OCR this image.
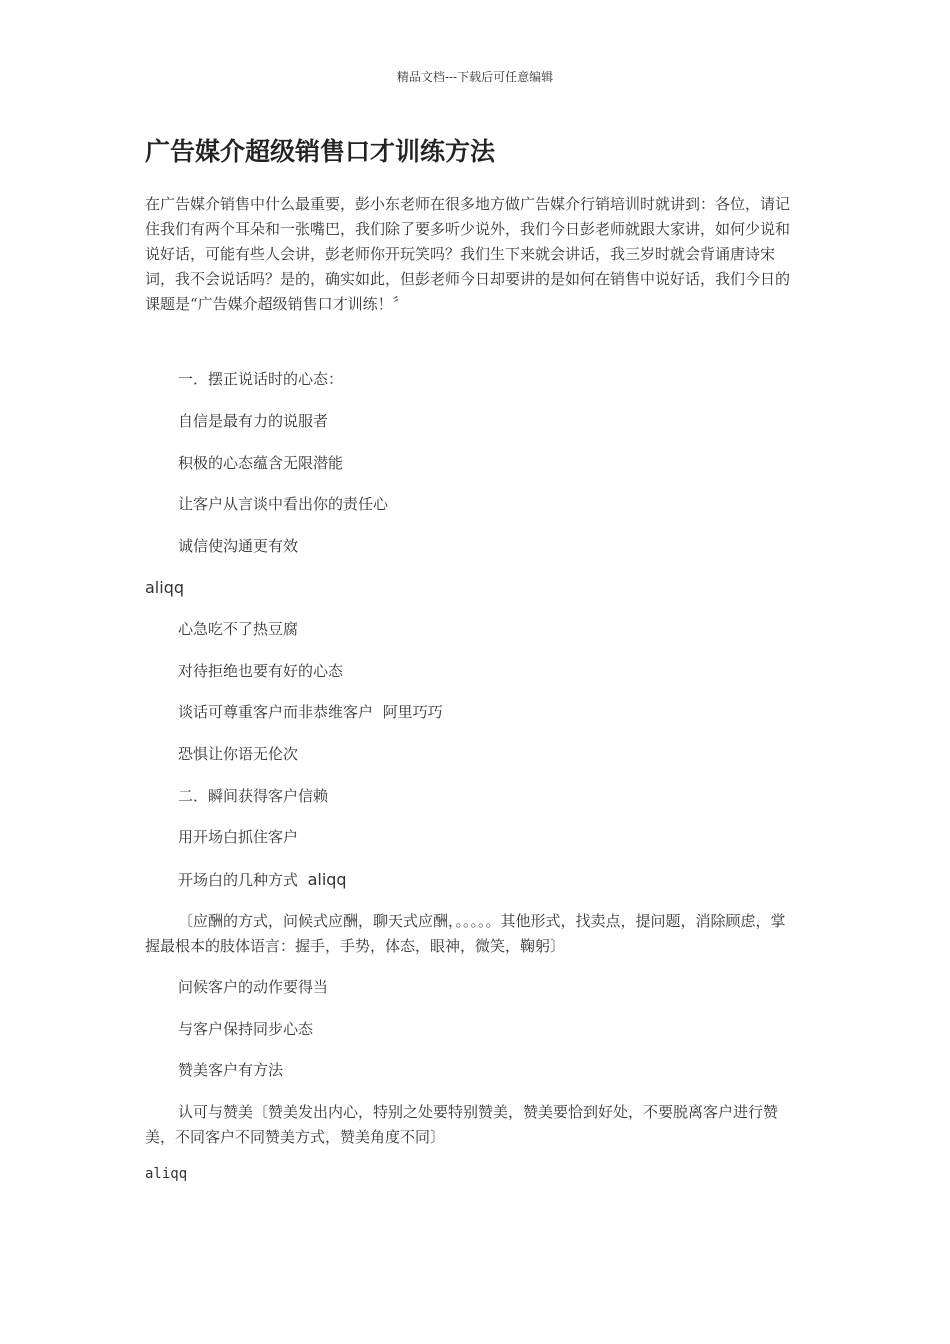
精品文档---下载后可任意编辑
广告媒介超级销售口才训练方法

在广告媒介销售中什么最重要，彭小东老师在很多地方做广告媒介行销培训时就讲到：各位，请记住我们有两个耳朵和一张嘴巴，我们除了要多听少说外，我们今日彭老师就跟大家讲，如何少说和说好话，可能有些人会讲，彭老师你开玩笑吗？我们生下来就会讲话，我三岁时就会背诵唐诗宋词，我不会说话吗？是的，确实如此，但彭老师今日却要讲的是如何在销售中说好话，我们今日的课题是“广告媒介超级销售口才训练！〞

一．摆正说话时的心态：

自信是最有力的说服者

积极的心态蕴含无限潜能

让客户从言谈中看出你的责任心

诚信使沟通更有效

aliqq

心急吃不了热豆腐

对待拒绝也要有好的心态

谈话可尊重客户而非恭维客户 阿里巧巧

恐惧让你语无伦次

二．瞬间获得客户信赖

用开场白抓住客户

开场白的几种方式 aliqq

〔应酬的方式，问候式应酬，聊天式应酬，。。。。。其他形式，找卖点，提问题，消除顾虑，掌握最根本的肢体语言：握手，手势，体态，眼神，微笑，鞠躬〕

问候客户的动作要得当

与客户保持同步心态

赞美客户有方法

认可与赞美〔赞美发出内心，特别之处要特别赞美，赞美要恰到好处，不要脱离客户进行赞美，不同客户不同赞美方式，赞美角度不同〕

aliqq
